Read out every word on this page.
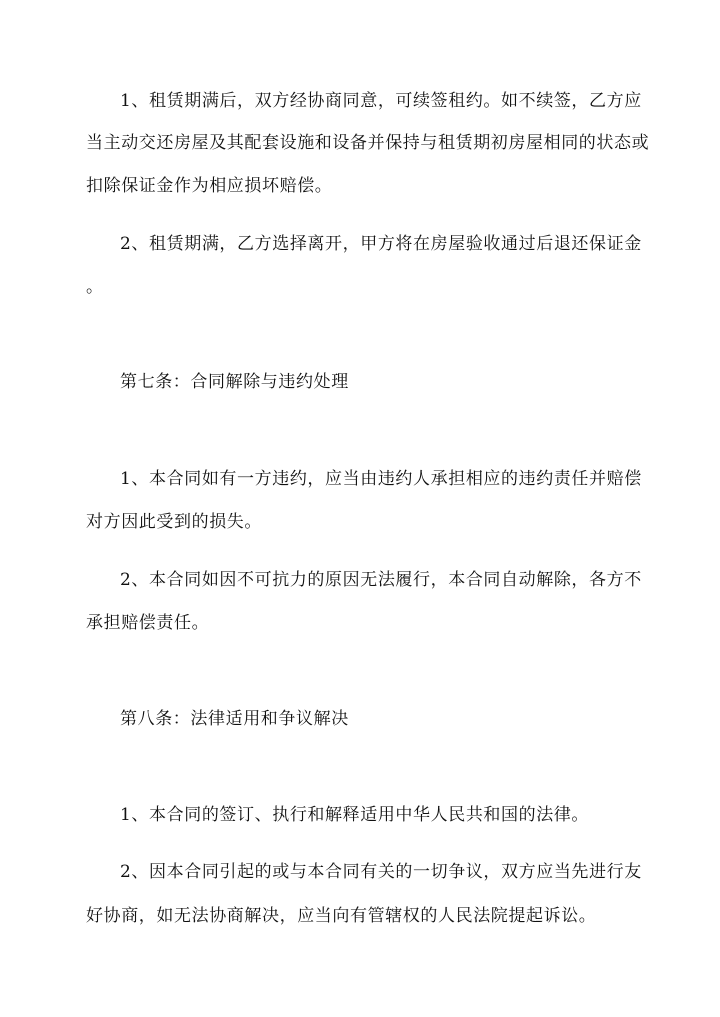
1、租赁期满后，双方经协商同意，可续签租约。如不续签，乙方应
当主动交还房屋及其配套设施和设备并保持与租赁期初房屋相同的状态或
扣除保证金作为相应损坏赔偿。
2、租赁期满，乙方选择离开，甲方将在房屋验收通过后退还保证金
。
第七条：合同解除与违约处理
1、本合同如有一方违约，应当由违约人承担相应的违约责任并赔偿
对方因此受到的损失。
2、本合同如因不可抗力的原因无法履行，本合同自动解除，各方不
承担赔偿责任。
第八条：法律适用和争议解决
1、本合同的签订、执行和解释适用中华人民共和国的法律。
2、因本合同引起的或与本合同有关的一切争议，双方应当先进行友
好协商，如无法协商解决，应当向有管辖权的人民法院提起诉讼。
